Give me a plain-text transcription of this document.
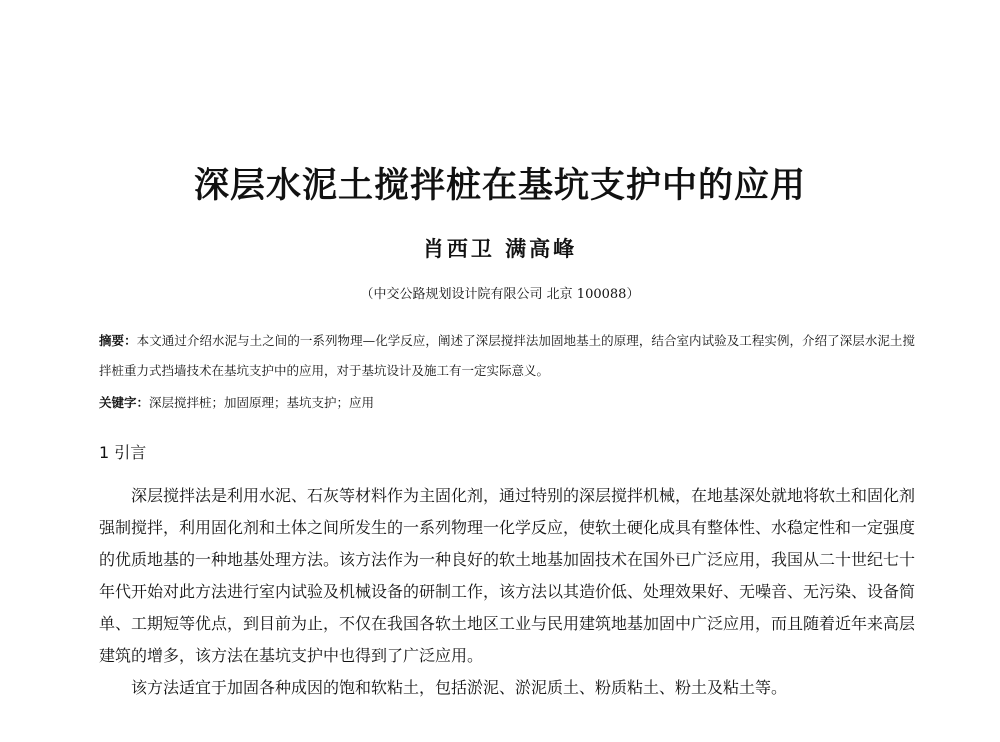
深层水泥土搅拌桩在基坑支护中的应用
肖西卫 满高峰
（中交公路规划设计院有限公司 北京 100088）

摘要：本文通过介绍水泥与土之间的一系列物理—化学反应，阐述了深层搅拌法加固地基土的原理，结合室内试验及工程实例，介绍了深层水泥土搅拌桩重力式挡墙技术在基坑支护中的应用，对于基坑设计及施工有一定实际意义。

关键字：深层搅拌桩；加固原理；基坑支护；应用
1 引言

深层搅拌法是利用水泥、石灰等材料作为主固化剂，通过特别的深层搅拌机械，在地基深处就地将软土和固化剂强制搅拌，利用固化剂和土体之间所发生的一系列物理一化学反应，使软土硬化成具有整体性、水稳定性和一定强度的优质地基的一种地基处理方法。该方法作为一种良好的软土地基加固技术在国外已广泛应用，我国从二十世纪七十年代开始对此方法进行室内试验及机械设备的研制工作，该方法以其造价低、处理效果好、无噪音、无污染、设备简单、工期短等优点，到目前为止，不仅在我国各软土地区工业与民用建筑地基加固中广泛应用，而且随着近年来高层建筑的增多，该方法在基坑支护中也得到了广泛应用。

该方法适宜于加固各种成因的饱和软粘土，包括淤泥、淤泥质土、粉质粘土、粉土及粘土等。
